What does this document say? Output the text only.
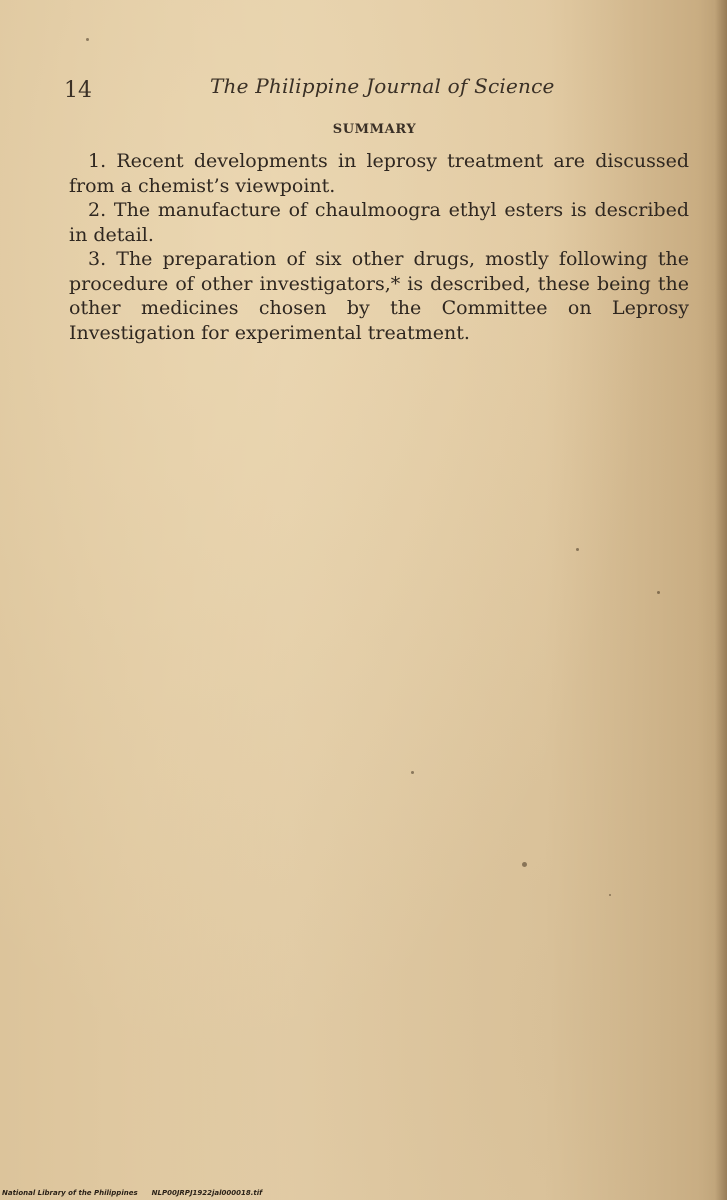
14	The Philippine Journal of Science
SUMMARY

1. Recent developments in leprosy treatment are discussed from a chemist’s viewpoint.

2. The manufacture of chaulmoogra ethyl esters is described in detail.

3. The preparation of six other drugs, mostly following the procedure of other investigators,* is described, these being the other medicines chosen by the Committee on Leprosy Investigation for experimental treatment.

National Library of the Philippines NLP00JRPJ1922jal000018.tif
